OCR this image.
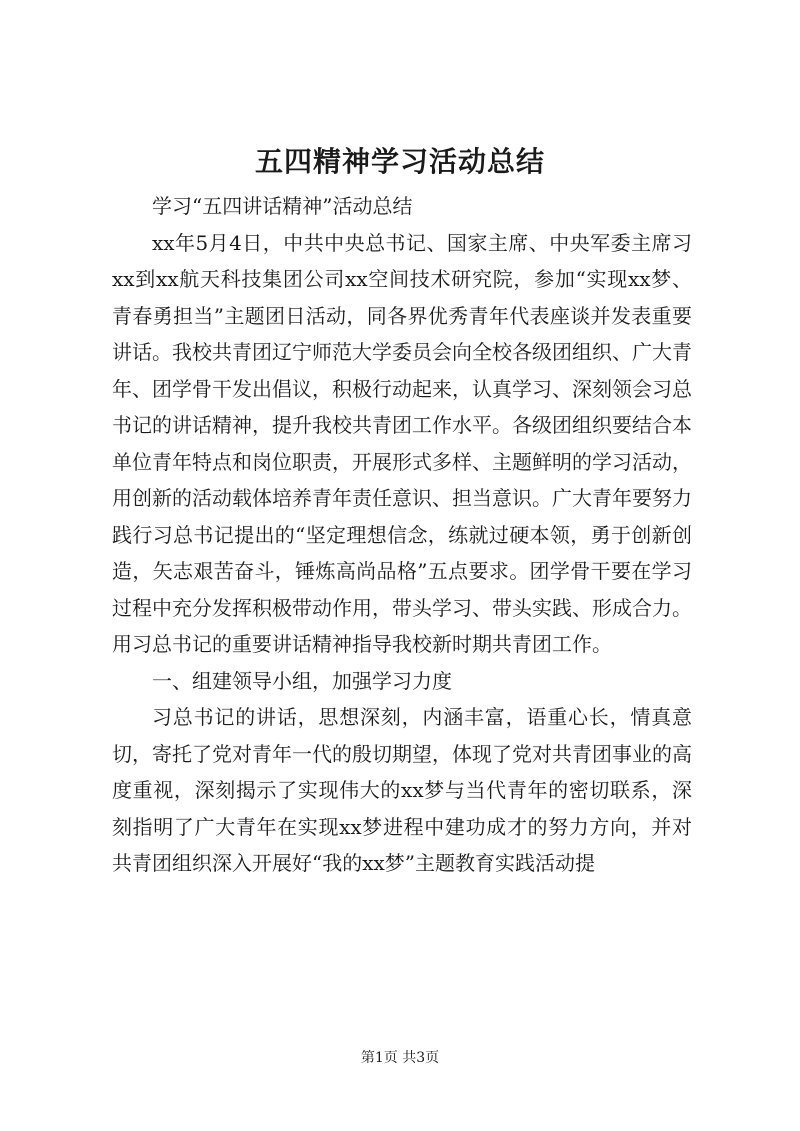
五四精神学习活动总结

学习“五四讲话精神”活动总结

xx年5月4日，中共中央总书记、国家主席、中央军委主席习xx到xx航天科技集团公司xx空间技术研究院，参加“实现xx梦、青春勇担当”主题团日活动，同各界优秀青年代表座谈并发表重要讲话。我校共青团辽宁师范大学委员会向全校各级团组织、广大青年、团学骨干发出倡议，积极行动起来，认真学习、深刻领会习总书记的讲话精神，提升我校共青团工作水平。各级团组织要结合本单位青年特点和岗位职责，开展形式多样、主题鲜明的学习活动，用创新的活动载体培养青年责任意识、担当意识。广大青年要努力践行习总书记提出的“坚定理想信念，练就过硬本领，勇于创新创造，矢志艰苦奋斗，锤炼高尚品格”五点要求。团学骨干要在学习过程中充分发挥积极带动作用，带头学习、带头实践、形成合力。用习总书记的重要讲话精神指导我校新时期共青团工作。

一、组建领导小组，加强学习力度

习总书记的讲话，思想深刻，内涵丰富，语重心长，情真意切，寄托了党对青年一代的殷切期望，体现了党对共青团事业的高度重视，深刻揭示了实现伟大的xx梦与当代青年的密切联系，深刻指明了广大青年在实现xx梦进程中建功成才的努力方向，并对共青团组织深入开展好“我的xx梦”主题教育实践活动提

第1页 共3页
